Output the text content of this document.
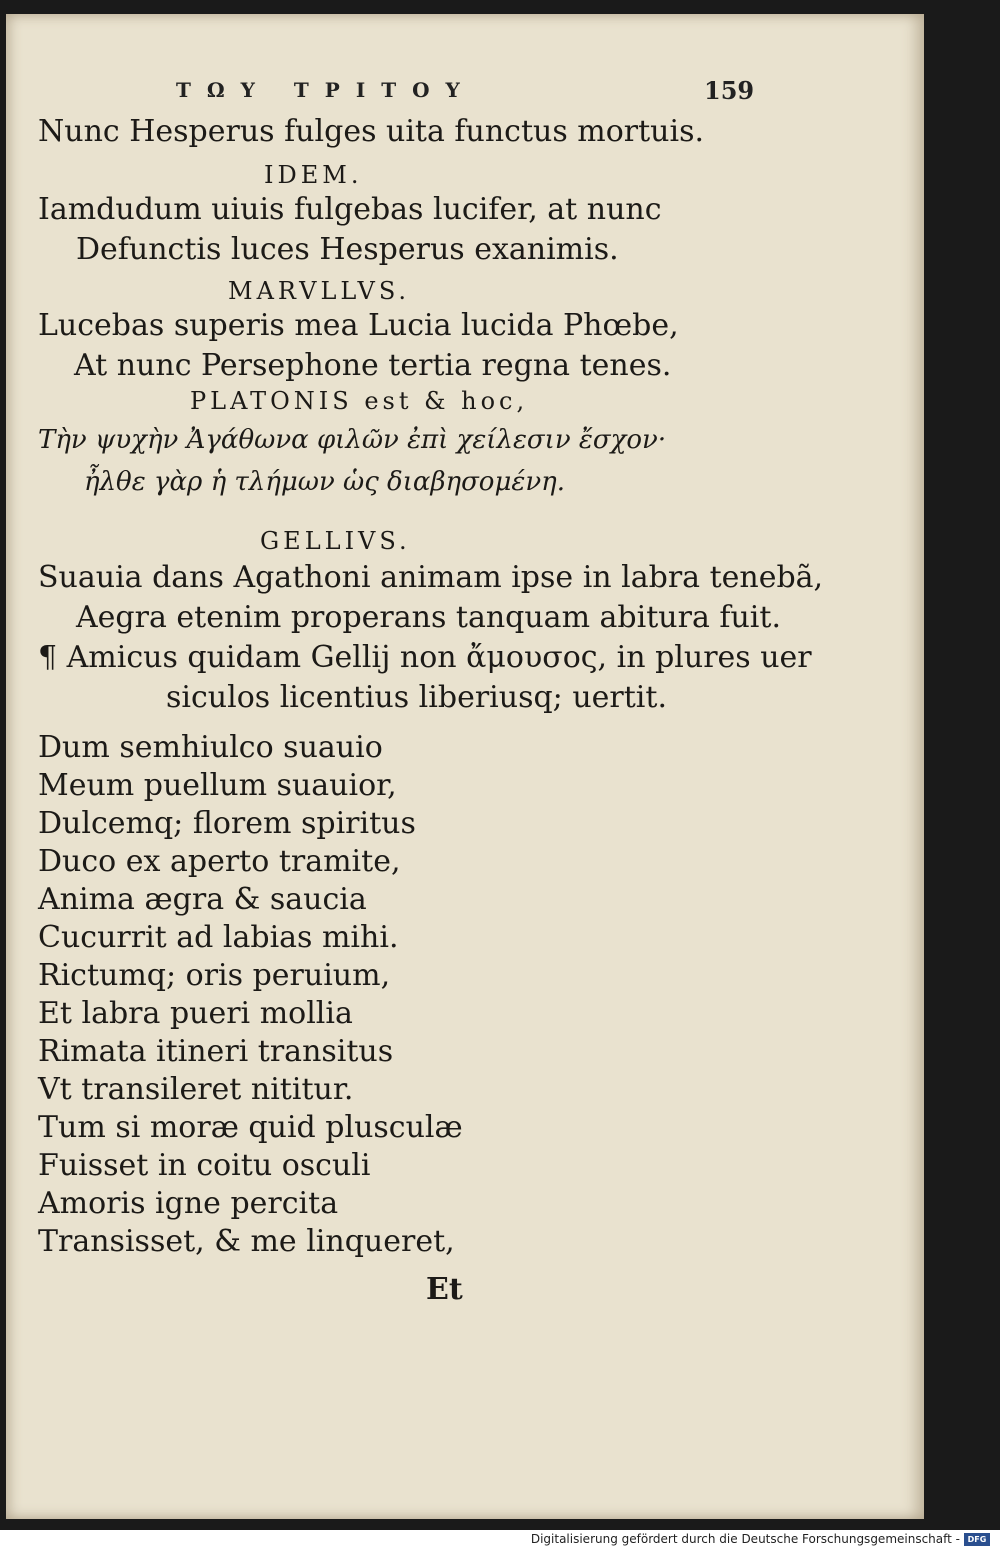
TΩΥ ΤΡΙΤΟΥ	159
Nunc Hesperus fulges uita functus mortuis.
IDEM.
Iamdudum uiuis fulgebas lucifer, at nunc
Defunctis luces Hesperus exanimis.
MARVLLVS.
Lucebas superis mea Lucia lucida Phœbe,
At nunc Persephone tertia regna tenes.
PLATONIS est & hoc,
GELLIVS.
Suauia dans Agathoni animam ipse in labra tenebã,
Aegra etenim properans tanquam abitura fuit.
¶ Amicus quidam Gellij non ἄμουσος, in plures uer
siculos licentius liberiusq; uertit.
Dum semhiulco suauio
Meum puellum suauior,
Dulcemq; florem spiritus
Duco ex aperto tramite,
Anima ægra & saucia
Cucurrit ad labias mihi.
Rictumq; oris peruium,
Et labra pueri mollia
Rimata itineri transitus
Vt transileret nititur.
Tum si moræ quid plusculæ
Fuisset in coitu osculi
Amoris igne percita
Transisset, & me linqueret,
Τὴν ψυχὴν Ἀγάθωνα φιλῶν ἐπὶ χείλεσιν ἔσχον·
ἦλθε γὰρ ἡ τλήμων ὡς διαβησομένη.
Et
Digitalisierung gefördert durch die Deutsche Forschungsgemeinschaft - DFG
